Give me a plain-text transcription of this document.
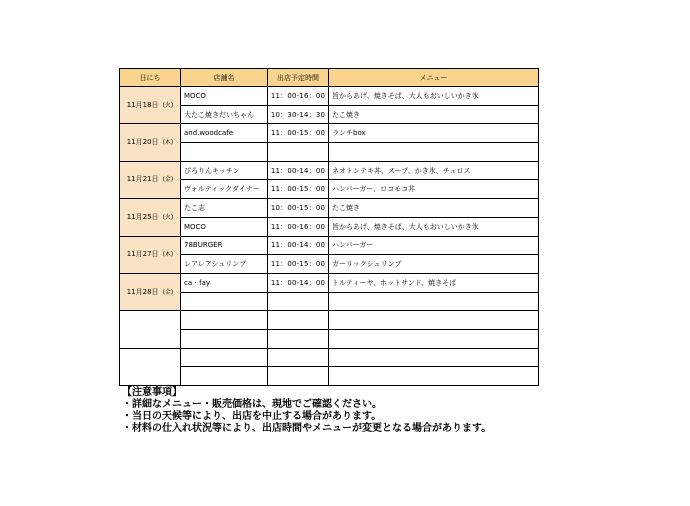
日にち	店舗名	出店予定時間	メニュー
11月18日 (火)	MOCO	11：00-16：00	旨からあげ、焼きそば、大人もおいしいかき氷
	大たこ焼きだいちゃん	10：30-14：30	たこ焼き
11月20日 (木)	and.woodcafe	11：00-15：00	ランチbox

11月21日 (金)	ぴろりんキッチン	11：00-14：00	ネオトンテキ丼、スープ、かき氷、チュロス
	ヴォルティックダイナー	11：00-15：00	ハンバーガー、ロコモコ丼
11月25日 (火)	たこ志	10：00-15：00	たこ焼き
	MOCO	11：00-16：00	旨からあげ、焼きそば、大人もおいしいかき氷
11月27日 (木)	78BURGER	11：00-14：00	ハンバーガー
	レアレアシュリンプ	11：00-15：00	ガーリックシュリンプ
11月28日 (金)	ca・fay	11：00-14：00	トルティーヤ、ホットサンド、焼きそば

【注意事項】
・詳細なメニュー・販売価格は、現地でご確認ください。
・当日の天候等により、出店を中止する場合があります。
・材料の仕入れ状況等により、出店時間やメニューが変更となる場合があります。
